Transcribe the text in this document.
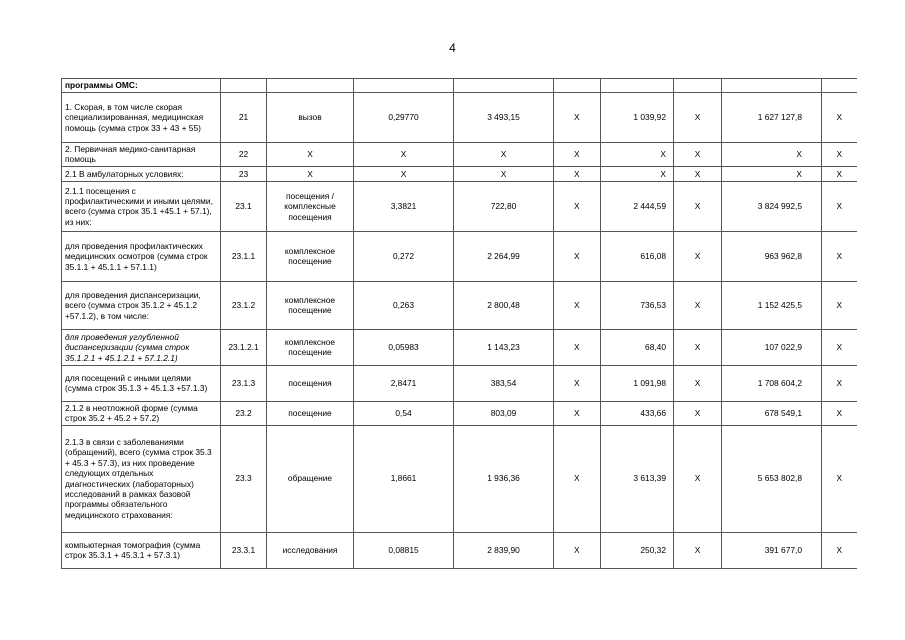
4
программы ОМС:									
1. Скорая, в том числе скорая специализированная, медицинская помощь (сумма строк 33 + 43 + 55)	21	вызов	0,29770	3 493,15	X	1 039,92	X	1 627 127,8	X
2. Первичная медико-санитарная помощь	22	X	X	X	X	X	X	X	X
2.1 В амбулаторных условиях:	23	X	X	X	X	X	X	X	X
2.1.1 посещения с профилактическими и иными целями, всего (сумма строк 35.1 +45.1 + 57.1), из них:	23.1	посещения / комплексные посещения	3,3821	722,80	X	2 444,59	X	3 824 992,5	X
для проведения профилактических медицинских осмотров (сумма строк 35.1.1 + 45.1.1 + 57.1.1)	23.1.1	комплексное посещение	0,272	2 264,99	X	616,08	X	963 962,8	X
для проведения диспансеризации, всего (сумма строк 35.1.2 + 45.1.2 +57.1.2), в том числе:	23.1.2	комплексное посещение	0,263	2 800,48	X	736,53	X	1 152 425,5	X
для проведения углубленной диспансеризации (сумма строк 35.1.2.1 + 45.1.2.1 + 57.1.2.1)	23.1.2.1	комплексное посещение	0,05983	1 143,23	X	68,40	X	107 022,9	X
для посещений с иными целями (сумма строк 35.1.3 + 45.1.3 +57.1.3)	23.1.3	посещения	2,8471	383,54	X	1 091,98	X	1 708 604,2	X
2.1.2 в неотложной форме (сумма строк 35.2 + 45.2 + 57.2)	23.2	посещение	0,54	803,09	X	433,66	X	678 549,1	X
2.1.3 в связи с заболеваниями (обращений), всего (сумма строк 35.3 + 45.3 + 57.3), из них проведение следующих отдельных диагностических (лабораторных) исследований в рамках базовой программы обязательного медицинского страхования:	23.3	обращение	1,8661	1 936,36	X	3 613,39	X	5 653 802,8	X
компьютерная томография (сумма строк 35.3.1 + 45.3.1 + 57.3.1)	23.3.1	исследования	0,08815	2 839,90	X	250,32	X	391 677,0	X
